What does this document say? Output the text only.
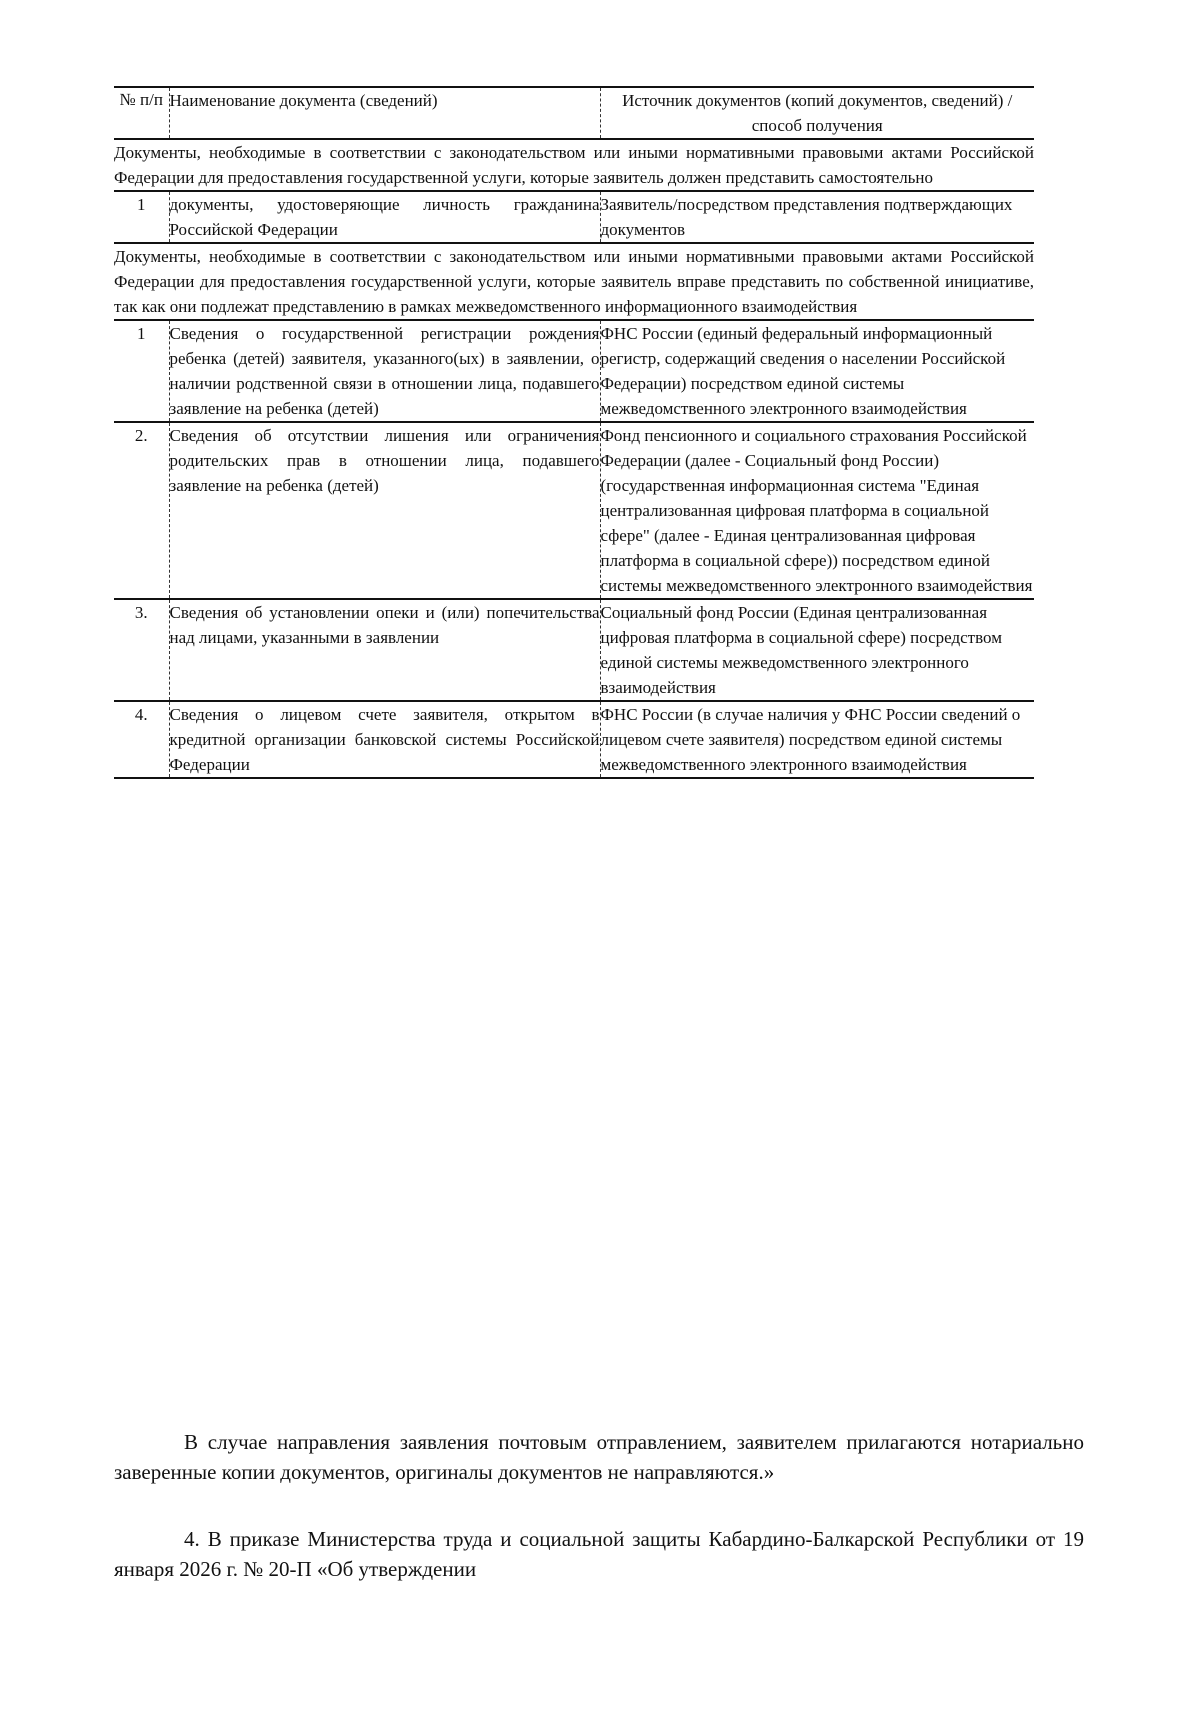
№ п/п	Наименование документа (сведений)	Источник документов (копий документов, сведений) / способ получения
Документы, необходимые в соответствии с законодательством или иными нормативными правовыми актами Российской Федерации для предоставления государственной услуги, которые заявитель должен представить самостоятельно		
1	документы, удостоверяющие личность гражданина Российской Федерации	Заявитель/посредством представления подтверждающих документов
Документы, необходимые в соответствии с законодательством или иными нормативными правовыми актами Российской Федерации для предоставления государственной услуги, которые заявитель вправе представить по собственной инициативе, так как они подлежат представлению в рамках межведомственного информационного взаимодействия		
1	Сведения о государственной регистрации рождения ребенка (детей) заявителя, указанного(ых) в заявлении, о наличии родственной связи в отношении лица, подавшего заявление на ребенка (детей)	ФНС России (единый федеральный информационный регистр, содержащий сведения о населении Российской Федерации) посредством единой системы межведомственного электронного взаимодействия
2.	Сведения об отсутствии лишения или ограничения родительских прав в отношении лица, подавшего заявление на ребенка (детей)	Фонд пенсионного и социального страхования Российской Федерации (далее - Социальный фонд России) (государственная информационная система "Единая централизованная цифровая платформа в социальной сфере" (далее - Единая централизованная цифровая платформа в социальной сфере)) посредством единой системы межведомственного электронного взаимодействия
3.	Сведения об установлении опеки и (или) попечительства над лицами, указанными в заявлении	Социальный фонд России (Единая централизованная цифровая платформа в социальной сфере) посредством единой системы межведомственного электронного взаимодействия
4.	Сведения о лицевом счете заявителя, открытом в кредитной организации банковской системы Российской Федерации	ФНС России (в случае наличия у ФНС России сведений о лицевом счете заявителя) посредством единой системы межведомственного электронного взаимодействия

В случае направления заявления почтовым отправлением, заявителем прилагаются нотариально заверенные копии документов, оригиналы документов не направляются.»

4. В приказе Министерства труда и социальной защиты Кабардино-Балкарской Республики от 19 января 2026 г. № 20-П «Об утверждении
